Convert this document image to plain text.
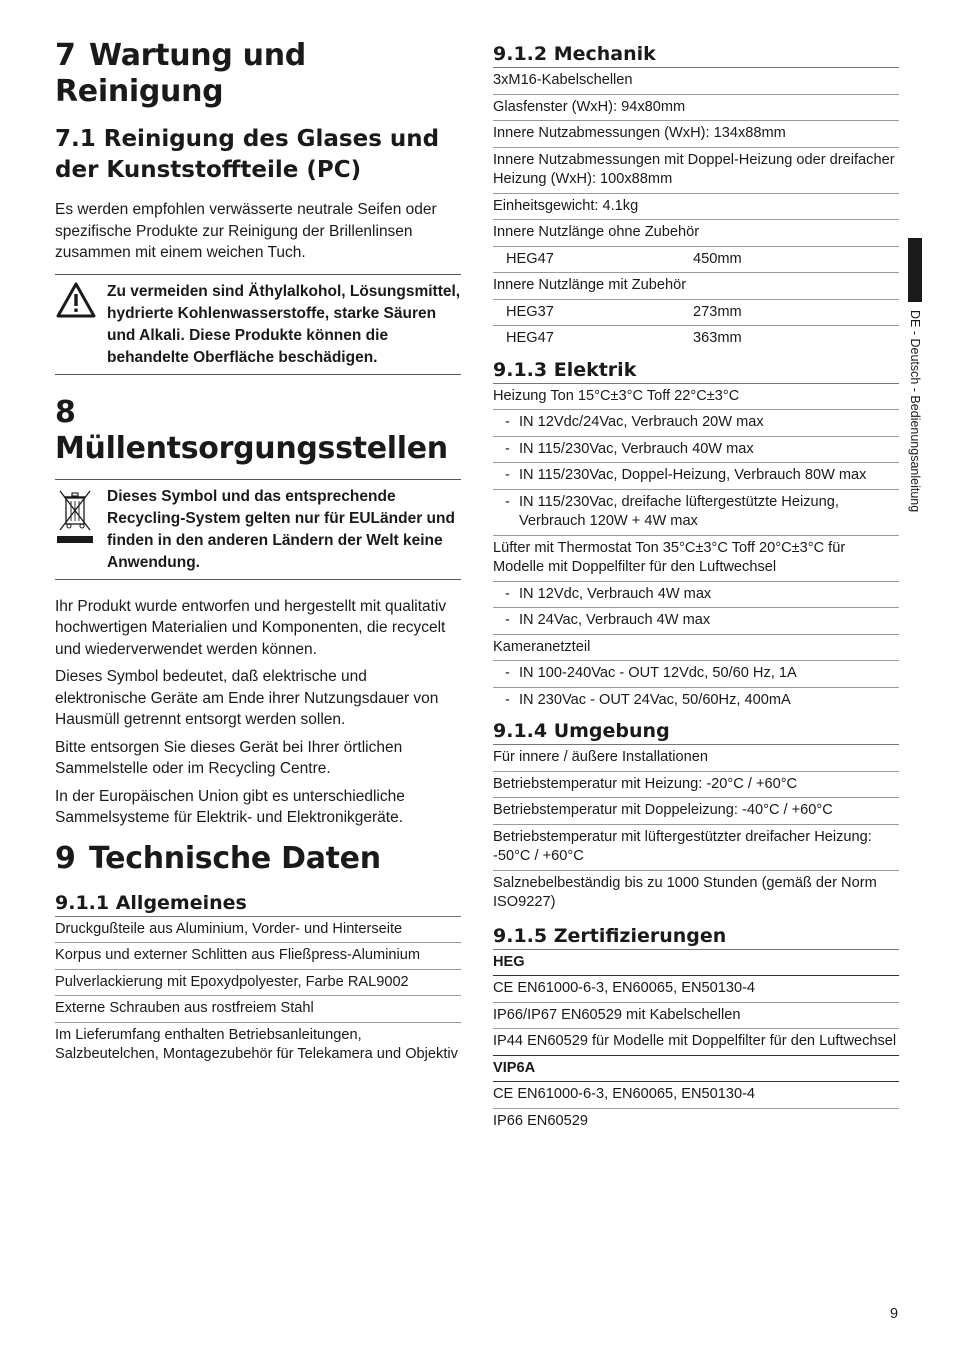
7 Wartung und Reinigung
7.1 Reinigung des Glases und der Kunststoffteile (PC)

Es werden empfohlen verwässerte neutrale Seifen oder spezifische Produkte zur Reinigung der Brillenlinsen zusammen mit einem weichen Tuch.

Zu vermeiden sind Äthylalkohol, Lösungsmittel, hydrierte Kohlenwasserstoffe, starke Säuren und Alkali. Diese Produkte können die behandelte Oberfläche beschädigen.
8Müllentsorgungsstellen
Dieses Symbol und das entsprechende Recycling-System gelten nur für EULänder und finden in den anderen Ländern der Welt keine Anwendung.

Ihr Produkt wurde entworfen und hergestellt mit qualitativ hochwertigen Materialien und Komponenten, die recycelt und wiederverwendet werden können.

Dieses Symbol bedeutet, daß elektrische und elektronische Geräte am Ende ihrer Nutzungsdauer von Hausmüll getrennt entsorgt werden sollen.

Bitte entsorgen Sie dieses Gerät bei Ihrer örtlichen Sammelstelle oder im Recycling Centre.

In der Europäischen Union gibt es unterschiedliche Sammelsysteme für Elektrik- und Elektronikgeräte.

9 Technische Daten
9.1.1 Allgemeines
Druckgußteile aus Aluminium, Vorder- und Hinterseite
Korpus und externer Schlitten aus Fließpress-Aluminium
Pulverlackierung mit Epoxydpolyester, Farbe RAL9002
Externe Schrauben aus rostfreiem Stahl
Im Lieferumfang enthalten Betriebsanleitungen, Salzbeutelchen, Montagezubehör für Telekamera und Objektiv
9.1.2 Mechanik
3xM16-Kabelschellen
Glasfenster (WxH): 94x80mm
Innere Nutzabmessungen (WxH): 134x88mm
Innere Nutzabmessungen mit Doppel-Heizung oder dreifacher Heizung (WxH): 100x88mm
Einheitsgewicht: 4.1kg
Innere Nutzlänge ohne Zubehör
HEG47	450mm
Innere Nutzlänge mit Zubehör
HEG37	273mm
HEG47	363mm
9.1.3 Elektrik
Heizung Ton 15°C±3°C Toff 22°C±3°C
- IN 12Vdc/24Vac, Verbrauch 20W max
- IN 115/230Vac, Verbrauch 40W max
- IN 115/230Vac, Doppel-Heizung, Verbrauch 80W max
- IN 115/230Vac, dreifache lüftergestützte Heizung, Verbrauch 120W + 4W max
Lüfter mit Thermostat Ton 35°C±3°C Toff 20°C±3°C für Modelle mit Doppelfilter für den Luftwechsel
- IN 12Vdc, Verbrauch 4W max
- IN 24Vac, Verbrauch 4W max
Kameranetzteil
- IN 100-240Vac - OUT 12Vdc, 50/60 Hz, 1A
- IN 230Vac - OUT 24Vac, 50/60Hz, 400mA
9.1.4 Umgebung
Für innere / äußere Installationen
Betriebstemperatur mit Heizung: -20°C / +60°C
Betriebstemperatur mit Doppeleizung: -40°C / +60°C
Betriebstemperatur mit lüftergestützter dreifacher Heizung: -50°C / +60°C
Salznebelbeständig bis zu 1000 Stunden (gemäß der Norm ISO9227)
9.1.5 Zertifizierungen
HEG
CE EN61000-6-3, EN60065, EN50130-4
IP66/IP67 EN60529 mit Kabelschellen
IP44 EN60529 für Modelle mit Doppelfilter für den Luftwechsel
VIP6A
CE EN61000-6-3, EN60065, EN50130-4
IP66 EN60529
DE - Deutsch - Bedienungsanleitung
9
